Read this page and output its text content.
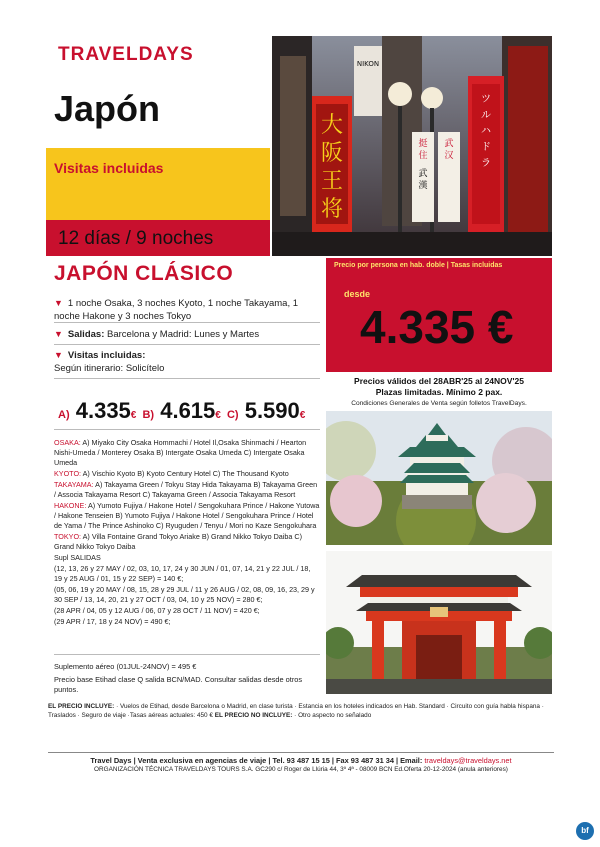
TRAVELDAYS
Japón
Visitas incluidas
12 días / 9 noches
大
阪
王
将
NIKON
挺
住
武
漢
武
汉
ツ
ル
ハ
ド
ラ
Precio por persona en hab. doble | Tasas incluidas
desde
4.335 €
JAPÓN CLÁSICO
▼ 1 noche Osaka, 3 noches Kyoto, 1 noche Takayama, 1 noche Hakone y 3 noches Tokyo
▼ Salidas: Barcelona y Madrid: Lunes y Martes
▼ Visitas incluidas:
Según itinerario: Solicítelo
A) 4.335€ B) 4.615€ C) 5.590€

OSAKA: A) Miyako City Osaka Hommachi / Hotel Il,Osaka Shinmachi / Hearton Nishi-Umeda / Monterey Osaka B) Intergate Osaka Umeda C) Intergate Osaka Umeda

KYOTO: A) Vischio Kyoto B) Kyoto Century Hotel C) The Thousand Kyoto

TAKAYAMA: A) Takayama Green / Tokyu Stay Hida Takayama B) Takayama Green / Associa Takayama Resort C) Takayama Green / Associa Takayama Resort

HAKONE: A) Yumoto Fujiya / Hakone Hotel / Sengokuhara Prince / Hakone Yutowa / Hakone Tenseien B) Yumoto Fujiya / Hakone Hotel / Sengokuhara Prince / Hotel de Yama / The Prince Ashinoko C) Ryuguden / Tenyu / Mori no Kaze Sengokuhara

TOKYO: A) Villa Fontaine Grand Tokyo Ariake B) Grand Nikko Tokyo Daiba C) Grand Nikko Tokyo Daiba

Supl SALIDAS

(12, 13, 26 y 27 MAY / 02, 03, 10, 17, 24 y 30 JUN / 01, 07, 14, 21 y 22 JUL / 18, 19 y 25 AUG / 01, 15 y 22 SEP) = 140 €;

(05, 06, 19 y 20 MAY / 08, 15, 28 y 29 JUL / 11 y 26 AUG / 02, 08, 09, 16, 23, 29 y 30 SEP / 13, 14, 20, 21 y 27 OCT / 03, 04, 10 y 25 NOV) = 280 €;

(28 APR / 04, 05 y 12 AUG / 06, 07 y 28 OCT / 11 NOV) = 420 €;

(29 APR / 17, 18 y 24 NOV) = 490 €;

Precios válidos del 28ABR'25 al 24NOV'25
Plazas limitadas. Mínimo 2 pax.
Condiciones Generales de Venta según folletos TravelDays.

Suplemento aéreo (01JUL-24NOV) = 495 €

Precio base Etihad clase Q salida BCN/MAD. Consultar salidas desde otros puntos.

EL PRECIO INCLUYE: · Vuelos de Etihad, desde Barcelona o Madrid, en clase turista · Estancia en los hoteles indicados en Hab. Standard · Circuito con guía habla hispana · Traslados · Seguro de viaje ·Tasas aéreas actuales: 450 € EL PRECIO NO INCLUYE: · Otro aspecto no señalado
Travel Days | Venta exclusiva en agencias de viaje | Tel. 93 487 15 15 | Fax 93 487 31 34 | Email: traveldays@traveldays.net
ORGANIZACIÓN TÉCNICA TRAVELDAYS TOURS S.A. GC290 c/ Roger de Llúria 44, 3º 4ª - 08009 BCN Ed.Oferta 20-12-2024 (anula anteriores)
bf
